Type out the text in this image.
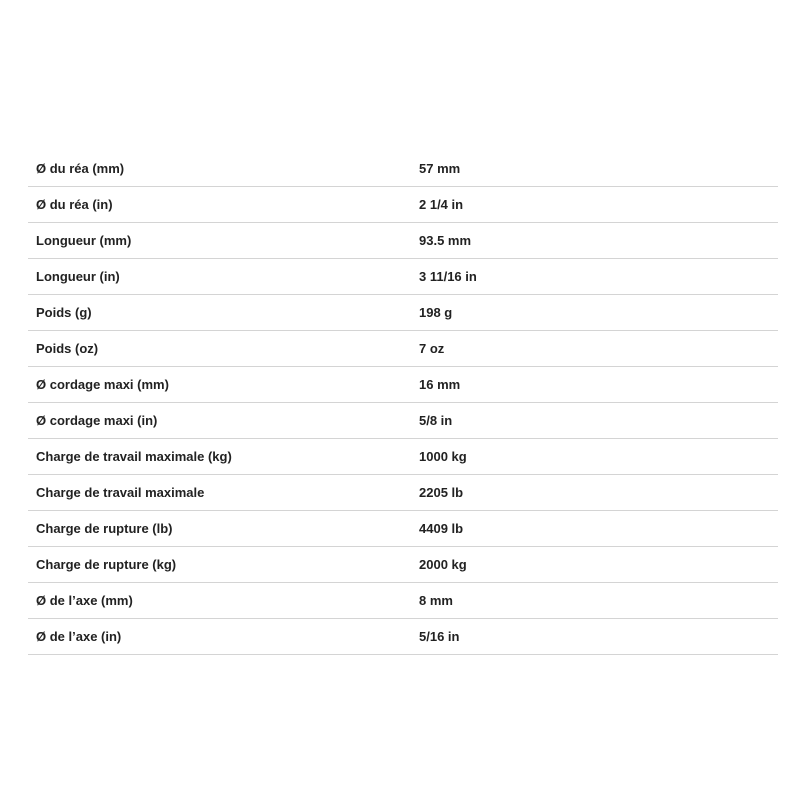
Ø du réa (mm)	57 mm
Ø du réa (in)	2 1/4 in
Longueur (mm)	93.5 mm
Longueur (in)	3 11/16 in
Poids (g)	198 g
Poids (oz)	7 oz
Ø cordage maxi (mm)	16 mm
Ø cordage maxi (in)	5/8 in
Charge de travail maximale (kg)	1000 kg
Charge de travail maximale	2205 lb
Charge de rupture (lb)	4409 lb
Charge de rupture (kg)	2000 kg
Ø de l’axe (mm)	8 mm
Ø de l’axe (in)	5/16 in
